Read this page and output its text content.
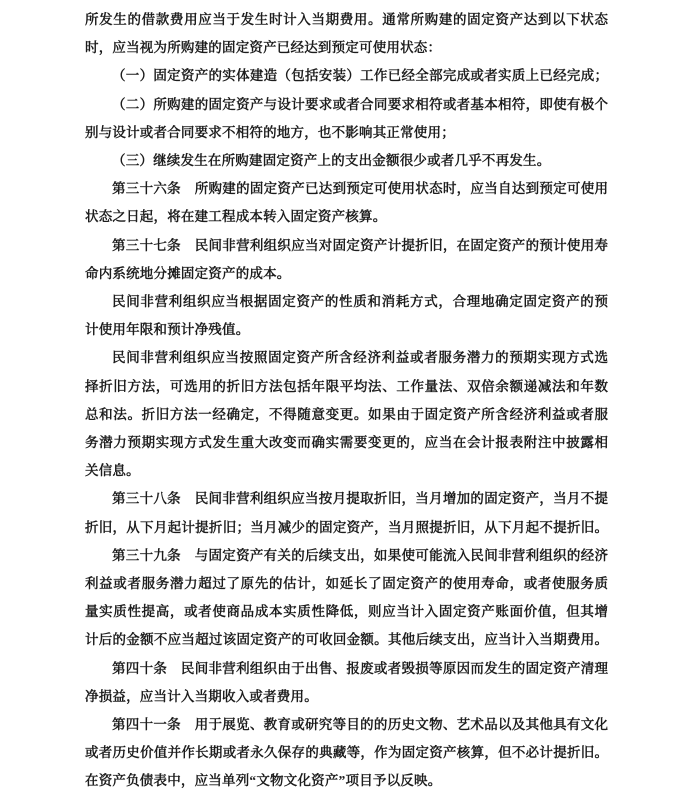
所发生的借款费用应当于发生时计入当期费用。通常所购建的固定资产达到以下状态
时，应当视为所购建的固定资产已经达到预定可使用状态：
（一）固定资产的实体建造（包括安装）工作已经全部完成或者实质上已经完成；
（二）所购建的固定资产与设计要求或者合同要求相符或者基本相符，即使有极个
别与设计或者合同要求不相符的地方，也不影响其正常使用；
（三）继续发生在所购建固定资产上的支出金额很少或者几乎不再发生。
第三十六条　所购建的固定资产已达到预定可使用状态时，应当自达到预定可使用
状态之日起，将在建工程成本转入固定资产核算。
第三十七条　民间非营利组织应当对固定资产计提折旧，在固定资产的预计使用寿
命内系统地分摊固定资产的成本。
民间非营利组织应当根据固定资产的性质和消耗方式，合理地确定固定资产的预
计使用年限和预计净残值。
民间非营利组织应当按照固定资产所含经济利益或者服务潜力的预期实现方式选
择折旧方法，可选用的折旧方法包括年限平均法、工作量法、双倍余额递减法和年数
总和法。折旧方法一经确定，不得随意变更。如果由于固定资产所含经济利益或者服
务潜力预期实现方式发生重大改变而确实需要变更的，应当在会计报表附注中披露相
关信息。
第三十八条　民间非营利组织应当按月提取折旧，当月增加的固定资产，当月不提
折旧，从下月起计提折旧；当月减少的固定资产，当月照提折旧，从下月起不提折旧。
第三十九条　与固定资产有关的后续支出，如果使可能流入民间非营利组织的经济
利益或者服务潜力超过了原先的估计，如延长了固定资产的使用寿命，或者使服务质
量实质性提高，或者使商品成本实质性降低，则应当计入固定资产账面价值，但其增
计后的金额不应当超过该固定资产的可收回金额。其他后续支出，应当计入当期费用。
第四十条　民间非营利组织由于出售、报废或者毁损等原因而发生的固定资产清理
净损益，应当计入当期收入或者费用。
第四十一条　用于展览、教育或研究等目的的历史文物、艺术品以及其他具有文化
或者历史价值并作长期或者永久保存的典藏等，作为固定资产核算，但不必计提折旧。
在资产负债表中，应当单列“文物文化资产”项目予以反映。
